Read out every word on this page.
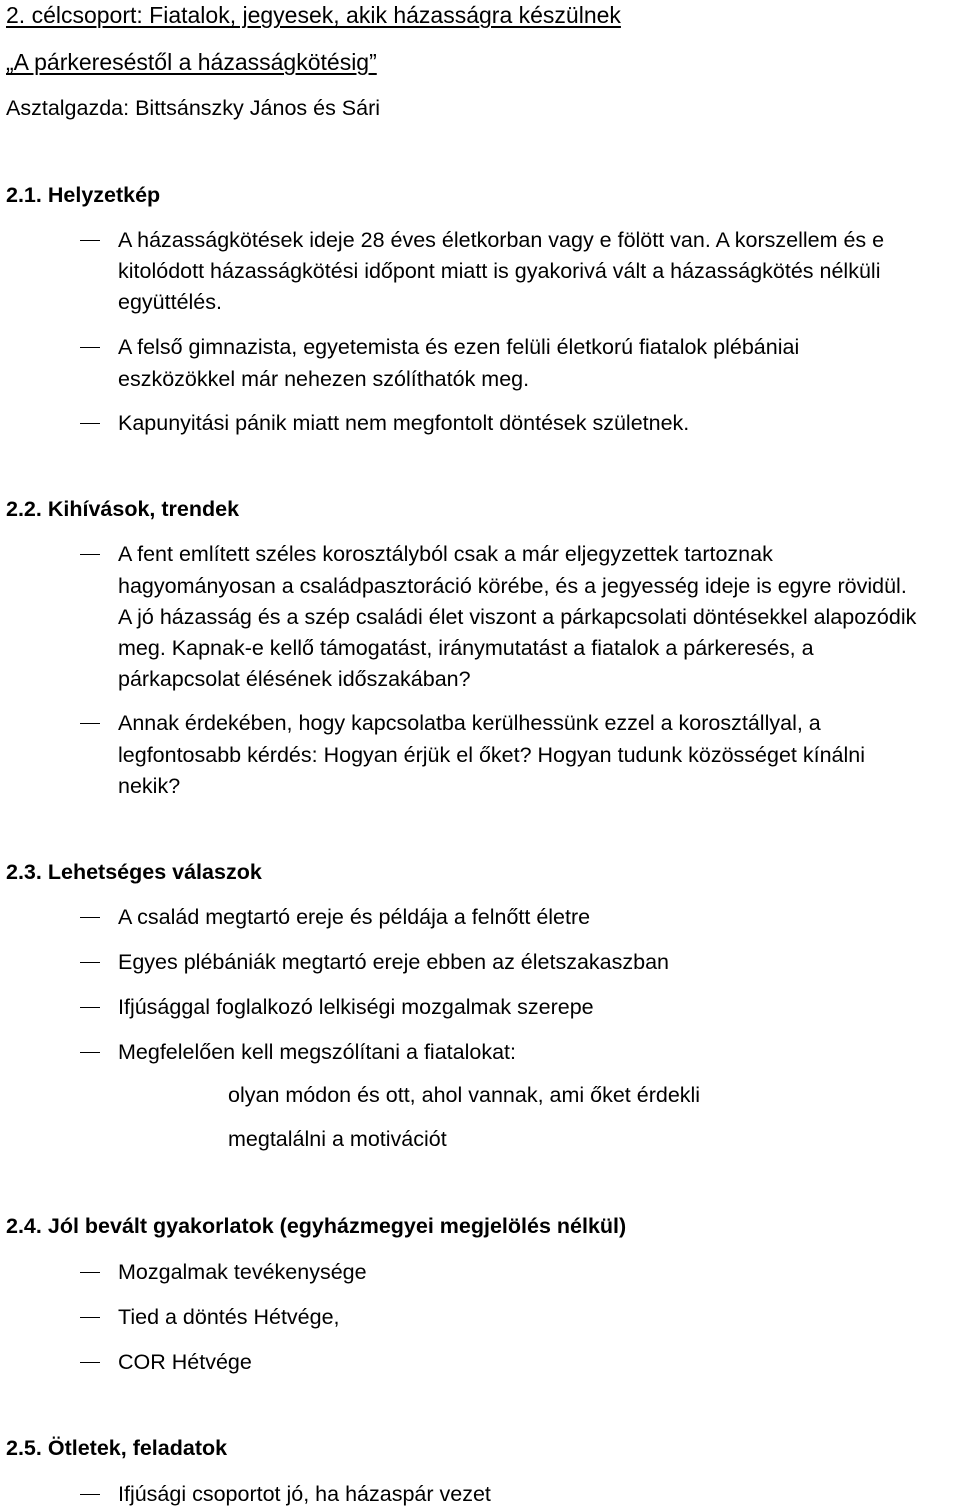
2. célcsoport: Fiatalok, jegyesek, akik házasságra készülnek
„A párkereséstől a házasságkötésig”
Asztalgazda: Bittsánszky János és Sári
2.1. Helyzetkép
A házasságkötések ideje 28 éves életkorban vagy e fölött van. A korszellem és e
kitolódott házasságkötési időpont miatt is gyakorivá vált a házasságkötés nélküli
együttélés.
A felső gimnazista, egyetemista és ezen felüli életkorú fiatalok plébániai
eszközökkel már nehezen szólíthatók meg.
Kapunyitási pánik miatt nem megfontolt döntések születnek.
2.2. Kihívások, trendek
A fent említett széles korosztályból csak a már eljegyzettek tartoznak
hagyományosan a családpasztoráció körébe, és a jegyesség ideje is egyre rövidül.
A jó házasság és a szép családi élet viszont a párkapcsolati döntésekkel alapozódik
meg. Kapnak-e kellő támogatást, iránymutatást a fiatalok a párkeresés, a
párkapcsolat élésének időszakában?
Annak érdekében, hogy kapcsolatba kerülhessünk ezzel a korosztállyal, a
legfontosabb kérdés: Hogyan érjük el őket? Hogyan tudunk közösséget kínálni
nekik?
2.3. Lehetséges válaszok
A család megtartó ereje és példája a felnőtt életre
Egyes plébániák megtartó ereje ebben az életszakaszban
Ifjúsággal foglalkozó lelkiségi mozgalmak szerepe
Megfelelően kell megszólítani a fiatalokat:
olyan módon és ott, ahol vannak, ami őket érdekli
megtalálni a motivációt
2.4. Jól bevált gyakorlatok (egyházmegyei megjelölés nélkül)
Mozgalmak tevékenysége
Tied a döntés Hétvége,
COR Hétvége
2.5. Ötletek, feladatok
Ifjúsági csoportot jó, ha házaspár vezet
